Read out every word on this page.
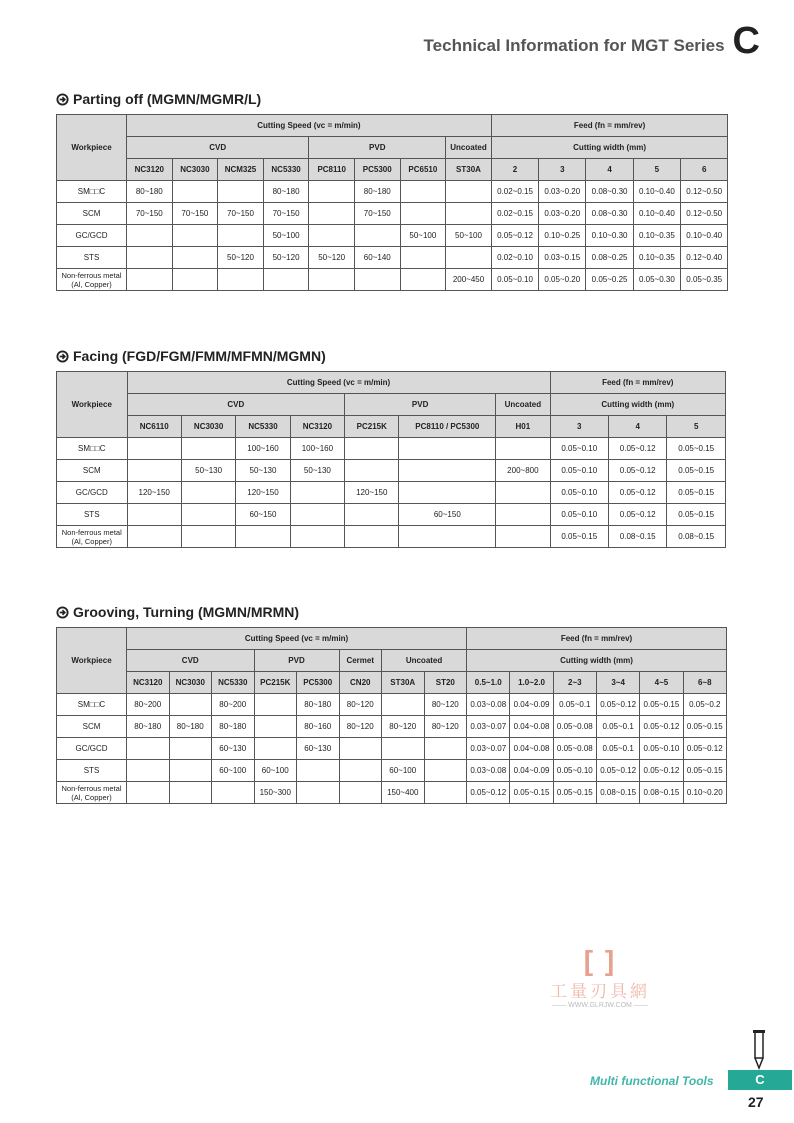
Technical Information for MGT Series C
Parting off (MGMN/MGMR/L)
Workpiece	Cutting Speed (vc = m/min)								Feed (fn = mm/rev)				
	CVD				PVD			Uncoated	Cutting width (mm)				
	NC3120	NC3030	NCM325	NC5330	PC8110	PC5300	PC6510	ST30A	2	3	4	5	6
SM□□C	80~180			80~180		80~180			0.02~0.15	0.03~0.20	0.08~0.30	0.10~0.40	0.12~0.50
SCM	70~150	70~150	70~150	70~150		70~150			0.02~0.15	0.03~0.20	0.08~0.30	0.10~0.40	0.12~0.50
GC/GCD				50~100			50~100	50~100	0.05~0.12	0.10~0.25	0.10~0.30	0.10~0.35	0.10~0.40
STS			50~120	50~120	50~120	60~140			0.02~0.10	0.03~0.15	0.08~0.25	0.10~0.35	0.12~0.40
Non-ferrous metal
(Al, Copper)								200~450	0.05~0.10	0.05~0.20	0.05~0.25	0.05~0.30	0.05~0.35
Facing (FGD/FGM/FMM/MFMN/MGMN)
Workpiece	Cutting Speed (vc = m/min)							Feed (fn = mm/rev)		
	CVD				PVD		Uncoated	Cutting width (mm)		
	NC6110	NC3030	NC5330	NC3120	PC215K	PC8110 / PC5300	H01	3	4	5
SM□□C			100~160	100~160				0.05~0.10	0.05~0.12	0.05~0.15
SCM		50~130	50~130	50~130			200~800	0.05~0.10	0.05~0.12	0.05~0.15
GC/GCD	120~150		120~150		120~150			0.05~0.10	0.05~0.12	0.05~0.15
STS			60~150			60~150		0.05~0.10	0.05~0.12	0.05~0.15
Non-ferrous metal
(Al, Copper)								0.05~0.15	0.08~0.15	0.08~0.15
Grooving, Turning (MGMN/MRMN)
Workpiece	Cutting Speed (vc = m/min)								Feed (fn = mm/rev)					
	CVD			PVD		Cermet	Uncoated		Cutting width (mm)					
	NC3120	NC3030	NC5330	PC215K	PC5300	CN20	ST30A	ST20	0.5~1.0	1.0~2.0	2~3	3~4	4~5	6~8
SM□□C	80~200		80~200		80~180	80~120		80~120	0.03~0.08	0.04~0.09	0.05~0.1	0.05~0.12	0.05~0.15	0.05~0.2
SCM	80~180	80~180	80~180		80~160	80~120	80~120	80~120	0.03~0.07	0.04~0.08	0.05~0.08	0.05~0.1	0.05~0.12	0.05~0.15
GC/GCD			60~130		60~130				0.03~0.07	0.04~0.08	0.05~0.08	0.05~0.1	0.05~0.10	0.05~0.12
STS			60~100	60~100			60~100		0.03~0.08	0.04~0.09	0.05~0.10	0.05~0.12	0.05~0.12	0.05~0.15
Non-ferrous metal
(Al, Copper)				150~300			150~400		0.05~0.12	0.05~0.15	0.05~0.15	0.08~0.15	0.08~0.15	0.10~0.20
[ ]
工量刃具網
—— WWW.GLRJW.COM ——
Multi functional Tools	C
27
